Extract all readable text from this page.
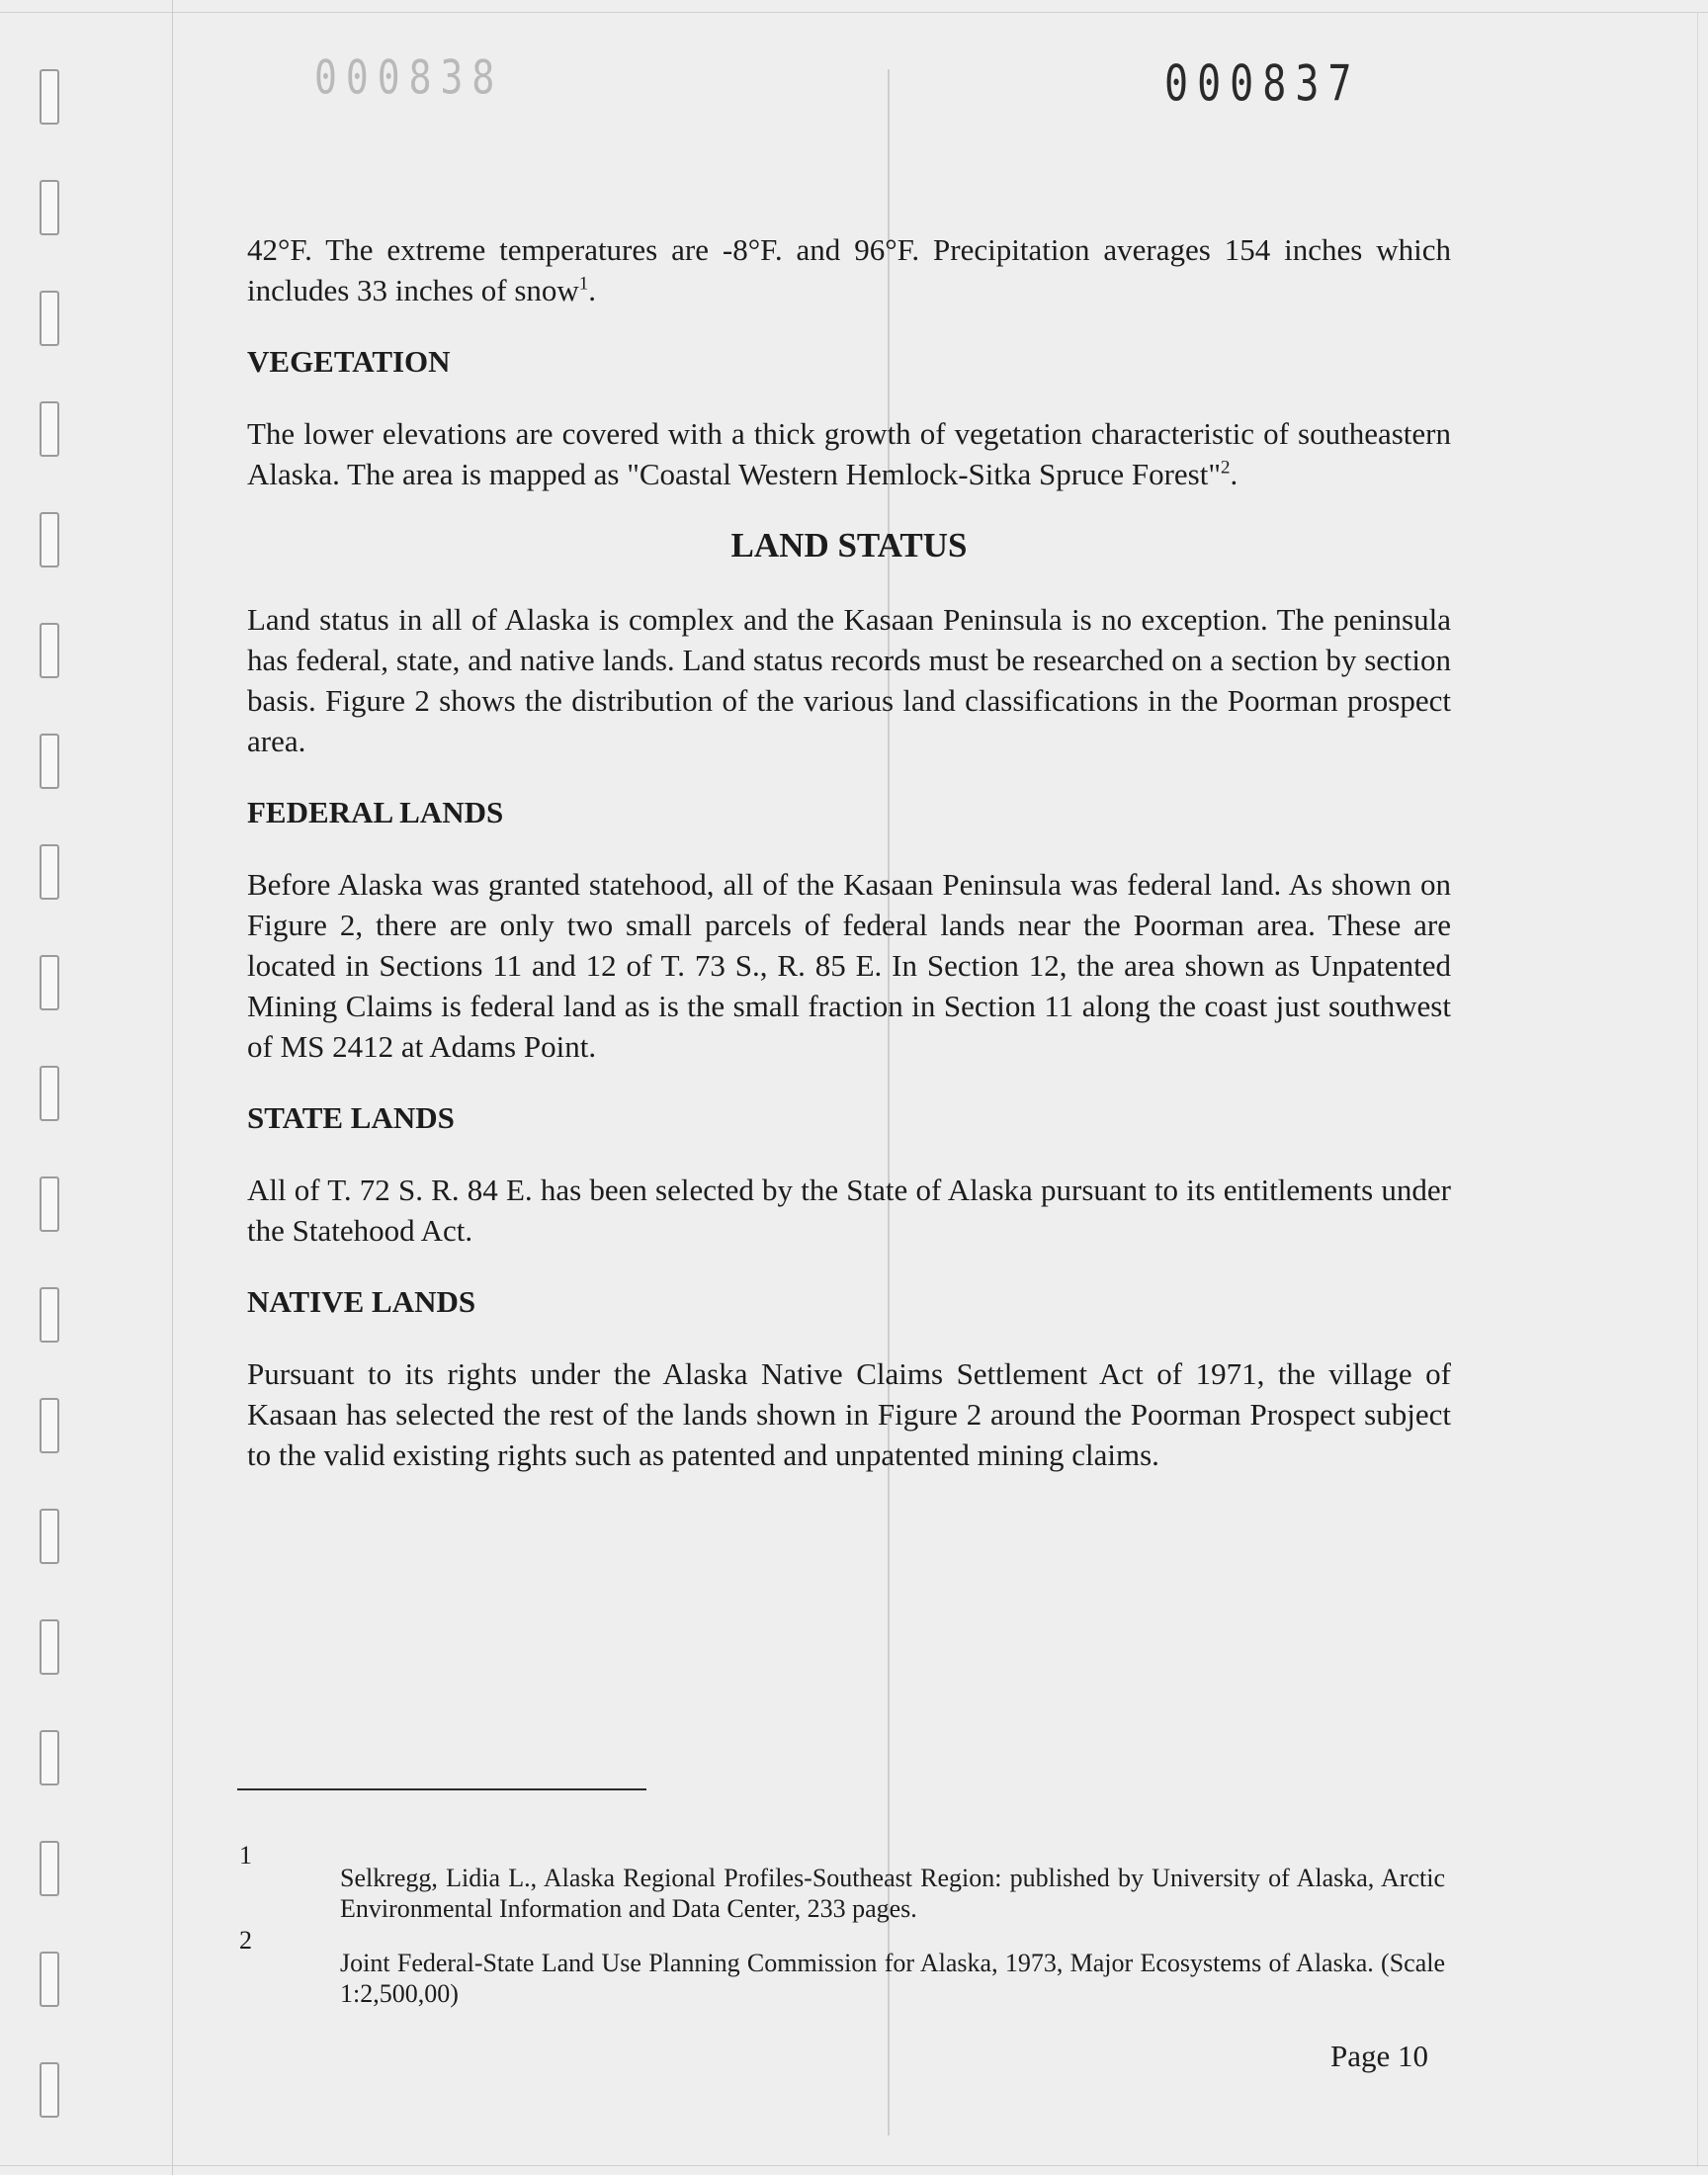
000838	000837

42°F. The extreme temperatures are -8°F. and 96°F. Precipitation averages 154 inches which includes 33 inches of snow$^1$.

VEGETATION

The lower elevations are covered with a thick growth of vegetation characteristic of southeastern Alaska. The area is mapped as "Coastal Western Hemlock-Sitka Spruce Forest"$^2$.

LAND STATUS

Land status in all of Alaska is complex and the Kasaan Peninsula is no exception. The peninsula has federal, state, and native lands. Land status records must be researched on a section by section basis. Figure 2 shows the distribution of the various land classifications in the Poorman prospect area.

FEDERAL LANDS

Before Alaska was granted statehood, all of the Kasaan Peninsula was federal land. As shown on Figure 2, there are only two small parcels of federal lands near the Poorman area. These are located in Sections 11 and 12 of T. 73 S., R. 85 E. In Section 12, the area shown as Unpatented Mining Claims is federal land as is the small fraction in Section 11 along the coast just southwest of MS 2412 at Adams Point.

STATE LANDS

All of T. 72 S. R. 84 E. has been selected by the State of Alaska pursuant to its entitlements under the Statehood Act.

NATIVE LANDS

Pursuant to its rights under the Alaska Native Claims Settlement Act of 1971, the village of Kasaan has selected the rest of the lands shown in Figure 2 around the Poorman Prospect subject to the valid existing rights such as patented and unpatented mining claims.

1
Selkregg, Lidia L., Alaska Regional Profiles-Southeast Region: published by University of Alaska, Arctic Environmental Information and Data Center, 233 pages.
2
Joint Federal-State Land Use Planning Commission for Alaska, 1973, Major Ecosystems of Alaska. (Scale 1:2,500,00)
Page 10
